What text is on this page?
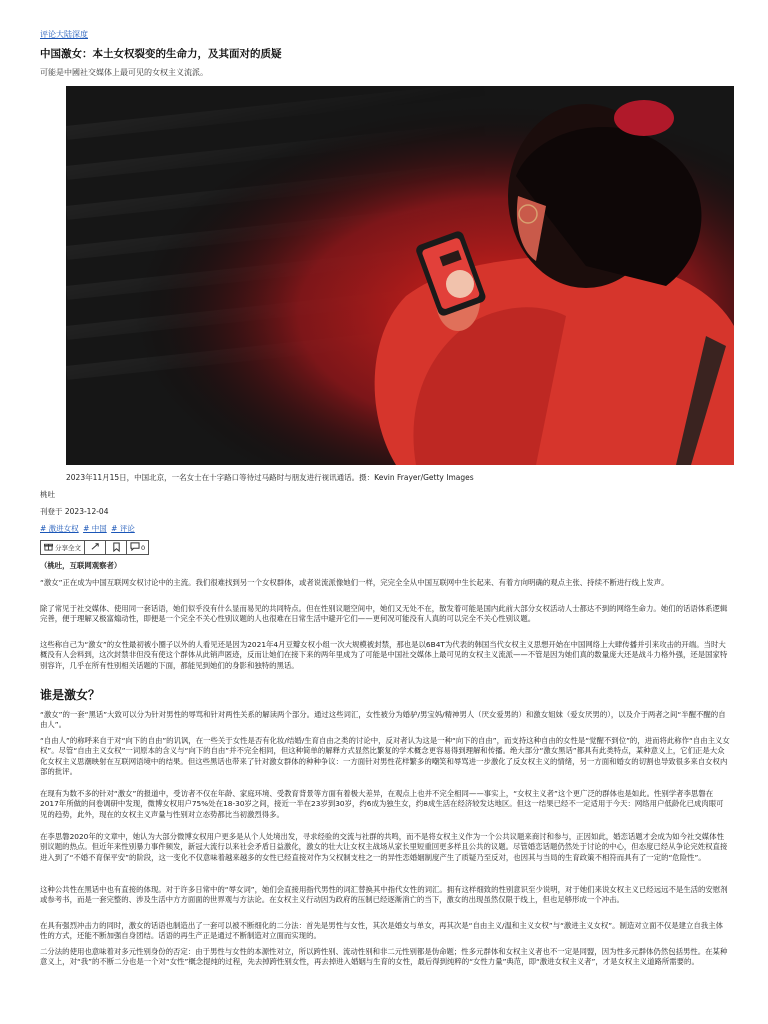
评论大陆深度
中国激女：本土女权裂变的生命力，及其面对的质疑
可能是中國社交媒体上最可见的女权主义流派。
2023年11月15日，中国北京，一名女士在十字路口等待过马路时与朋友进行视讯通话。摄：Kevin Frayer/Getty Images
桃吐
刊登于 2023-12-04
# 激进女权 # 中国 # 评论
分享全文	0
（桃吐，互联网观察者）

“激女”正在成为中国互联网女权讨论中的主流。我们很难找到另一个女权群体，或者说流派像她们一样，完完全全从中国互联网中生长起来、有着方向明确的观点主张、持续不断进行线上发声。

除了常见于社交媒体、使用同一套话语，她们似乎没有什么显而易见的共同特点。但在性别议题空间中，她们又无处不在，散发着可能是国内此前大部分女权活动人士都达不到的网络生命力。她们的话语体系逻辑完善，便于理解又极富煽动性，即便是一个完全不关心性别议题的人也很难在日常生活中避开它们——更何况可能没有人真的可以完全不关心性别议题。

这些称自己为“激女”的女性最初被小圈子以外的人看见还是因为2021年4月豆瓣女权小组一次大规模被封禁，那也是以6B4T为代表的韩国当代女权主义思想开始在中国网络上大肆传播并引来攻击的开端。当时大概没有人会料到，这次封禁非但没有使这个群体从此销声匿迹，反而让她们在接下来的两年里成为了可能是中国社交媒体上最可见的女权主义流派——不管是因为她们真的数量庞大还是战斗力格外强，还是国家特别容许，几乎在所有性别相关话题的下面，都能见到她们的身影和独特的黑话。

谁是激女？

“激女”的一套“黑话”大致可以分为针对男性的辱骂和针对两性关系的解读两个部分。通过这些词汇，女性被分为婚驴/男宝妈/精神男人（厌女爱男的）和激女姐妹（爱女厌男的），以及介于两者之间“半醒不醒的自由人”。

“自由人”的称呼来自于对“向下的自由”的讥讽，在一些关于女性是否有化妆/结婚/生育自由之类的讨论中，反对者认为这是一种“向下的自由”，而支持这种自由的女性是“觉醒不到位”的，进而将此称作“自由主义女权”。尽管“自由主义女权”一词原本的含义与“向下的自由”并不完全相同，但这种简单的解释方式显然比繁复的学术概念更容易得到理解和传播。绝大部分“激女黑话”都具有此类特点，某种意义上，它们正是大众化女权主义思潮映射在互联网语境中的结果。但这些黑话也带来了针对激女群体的种种争议：一方面针对男性花样繁多的嘲笑和辱骂进一步激化了反女权主义的情绪，另一方面和婚女的切割也导致很多来自女权内部的批评。

在现有为数不多的针对“激女”的报道中，受访者不仅在年龄、家庭环境、受教育背景等方面有着极大差异，在观点上也并不完全相同——事实上，“女权主义者”这个更广泛的群体也是如此。性别学者李思磐在2017年所做的问卷调研中发现，微博女权用户75%处在18-30岁之间，接近一半在23岁到30岁，约6成为独生女，约8成生活在经济较发达地区。但这一结果已经不一定适用于今天：网络用户低龄化已成肉眼可见的趋势，此外，现在的女权主义声量与性别对立态势都比当初激烈得多。

在李思磐2020年的文章中，她认为大部分微博女权用户更多是从个人处境出发，寻求经验的交流与社群的共鸣，而不是将女权主义作为一个公共议题来商讨和参与，正因如此，婚恋话题才会成为如今社交媒体性别议题的热点。但近年来性别暴力事件频发，新冠大流行以来社会矛盾日益激化，激女的壮大让女权主战场从家长里短重回更多样且公共的议题。尽管婚恋话题仍然处于讨论的中心，但态度已经从争论完姓权直接进入到了“不婚不育保平安”的阶段，这一变化不仅意味着越来越多的女性已经直接对作为父权制支柱之一的异性恋婚姻制度产生了质疑乃至反对，也因其与当局的生育政策不相符而具有了一定的“危险性”。

这种公共性在黑话中也有直接的体现。对于许多日常中的“辱女词”，她们会直接用指代男性的词汇替换其中指代女性的词汇。拥有这样细致的性别意识至少说明，对于她们来说女权主义已经远远不是生活的安慰剂或参考书，而是一套完整的、涉及生活中方方面面的世界观与方法论。在女权主义行动因为政府的压制已经逐渐消亡的当下，激女的出现虽然仅限于线上，但也足够形成一个冲击。

在具有强烈冲击力的同时，激女的话语也制造出了一套可以被不断细化的二分法：首先是男性与女性，其次是婚女与单女，再其次是“自由主义/温和主义女权”与“激进主义女权”。制造对立面不仅是建立自我主体性的方式，还能不断加强自身团结。话语的再生产正是通过不断制造对立面而实现的。

二分法的使用也意味着对多元性别身份的否定：由于男性与女性的本源性对立，所以跨性别、流动性别和非二元性别都是伪命题；性多元群体和女权主义者也不一定是同盟，因为性多元群体仍然包括男性。在某种意义上，对“我”的不断二分也是一个对“女性”概念提纯的过程，先去掉跨性别女性，再去掉进入婚姻与生育的女性，最后得到纯粹的“女性力量”典范，即“激进女权主义者”，才是女权主义道路所需要的。
